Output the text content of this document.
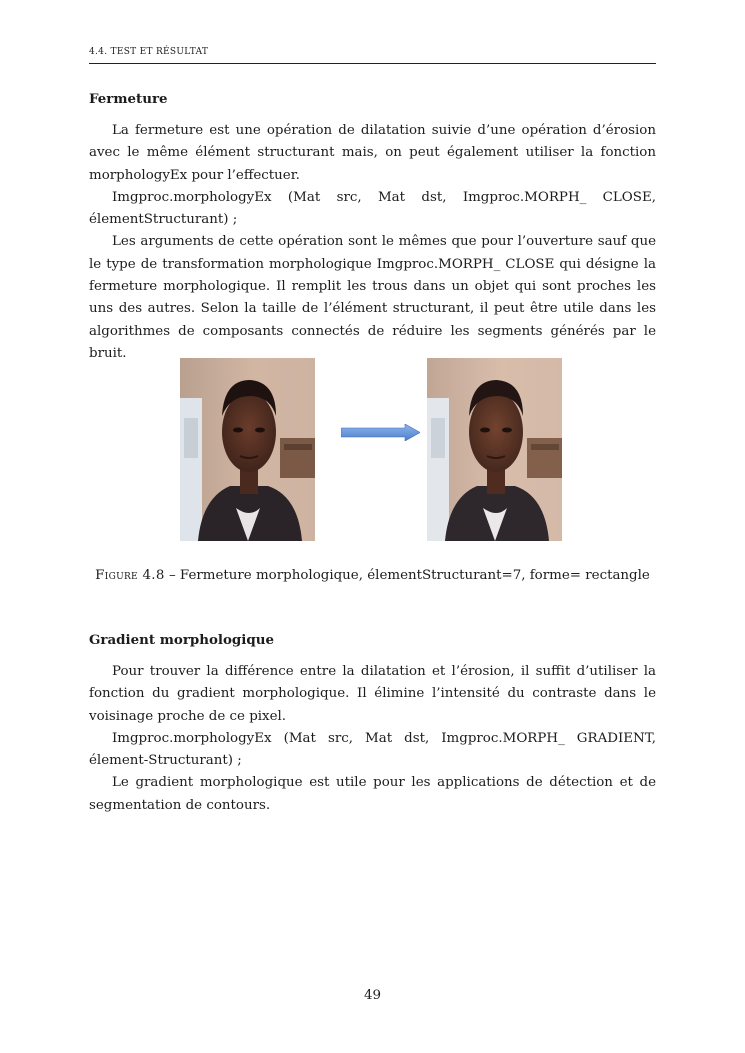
4.4. TEST ET RÉSULTAT
Fermeture

La fermeture est une opération de dilatation suivie d’une opération d’érosion avec le même élément structurant mais, on peut également utiliser la fonction morphologyEx pour l’effectuer.

Imgproc.morphologyEx (Mat src, Mat dst, Imgproc.MORPH_ CLOSE, élementStructurant) ;

Les arguments de cette opération sont le mêmes que pour l’ouverture sauf que le type de transformation morphologique Imgproc.MORPH_ CLOSE qui désigne la fermeture morphologique. Il remplit les trous dans un objet qui sont proches les uns des autres. Selon la taille de l’élément structurant, il peut être utile dans les algorithmes de composants connectés de réduire les segments générés par le bruit.

Figure 4.8 – Fermeture morphologique, élementStructurant=7, forme= rectangle
Gradient morphologique

Pour trouver la différence entre la dilatation et l’érosion, il suffit d’utiliser la fonction du gradient morphologique. Il élimine l’intensité du contraste dans le voisinage proche de ce pixel.

Imgproc.morphologyEx (Mat src, Mat dst, Imgproc.MORPH_ GRADIENT, élement-Structurant) ;

Le gradient morphologique est utile pour les applications de détection et de segmentation de contours.

49
